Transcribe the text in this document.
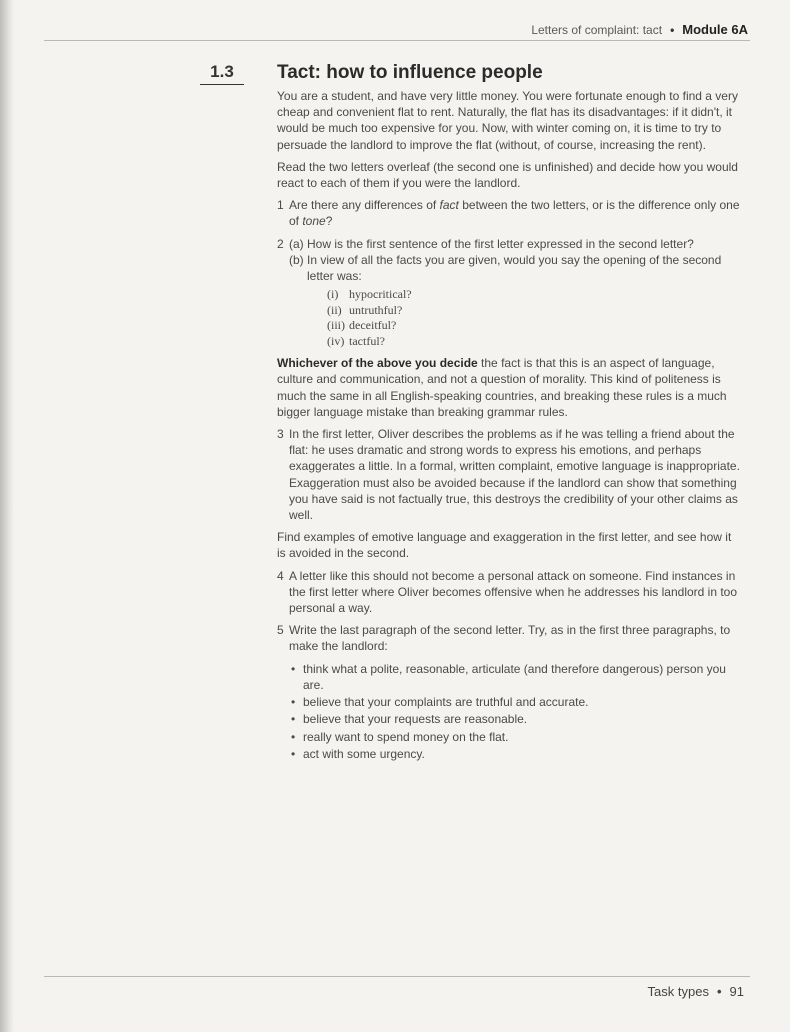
Letters of complaint: tact • Module 6A
1.3	Tact: how to influence people

You are a student, and have very little money. You were fortunate enough to find a very cheap and convenient flat to rent. Naturally, the flat has its disadvantages: if it didn't, it would be much too expensive for you. Now, with winter coming on, it is time to try to persuade the landlord to improve the flat (without, of course, increasing the rent).

Read the two letters overleaf (the second one is unfinished) and decide how you would react to each of them if you were the landlord.

1 Are there any differences of fact between the two letters, or is the difference only one of tone?
2 (a) How is the first sentence of the first letter expressed in the second letter?
(b) In view of all the facts you are given, would you say the opening of the second letter was:
(i) hypocritical?
(ii) untruthful?
(iii) deceitful?
(iv) tactful?

Whichever of the above you decide the fact is that this is an aspect of language, culture and communication, and not a question of morality. This kind of politeness is much the same in all English-speaking countries, and breaking these rules is a much bigger language mistake than breaking grammar rules.

3 In the first letter, Oliver describes the problems as if he was telling a friend about the flat: he uses dramatic and strong words to express his emotions, and perhaps exaggerates a little. In a formal, written complaint, emotive language is inappropriate. Exaggeration must also be avoided because if the landlord can show that something you have said is not factually true, this destroys the credibility of your other claims as well.

Find examples of emotive language and exaggeration in the first letter, and see how it is avoided in the second.

4 A letter like this should not become a personal attack on someone. Find instances in the first letter where Oliver becomes offensive when he addresses his landlord in too personal a way.
5 Write the last paragraph of the second letter. Try, as in the first three paragraphs, to make the landlord:
• think what a polite, reasonable, articulate (and therefore dangerous) person you are.
• believe that your complaints are truthful and accurate.
• believe that your requests are reasonable.
• really want to spend money on the flat.
• act with some urgency.
Task types • 91
